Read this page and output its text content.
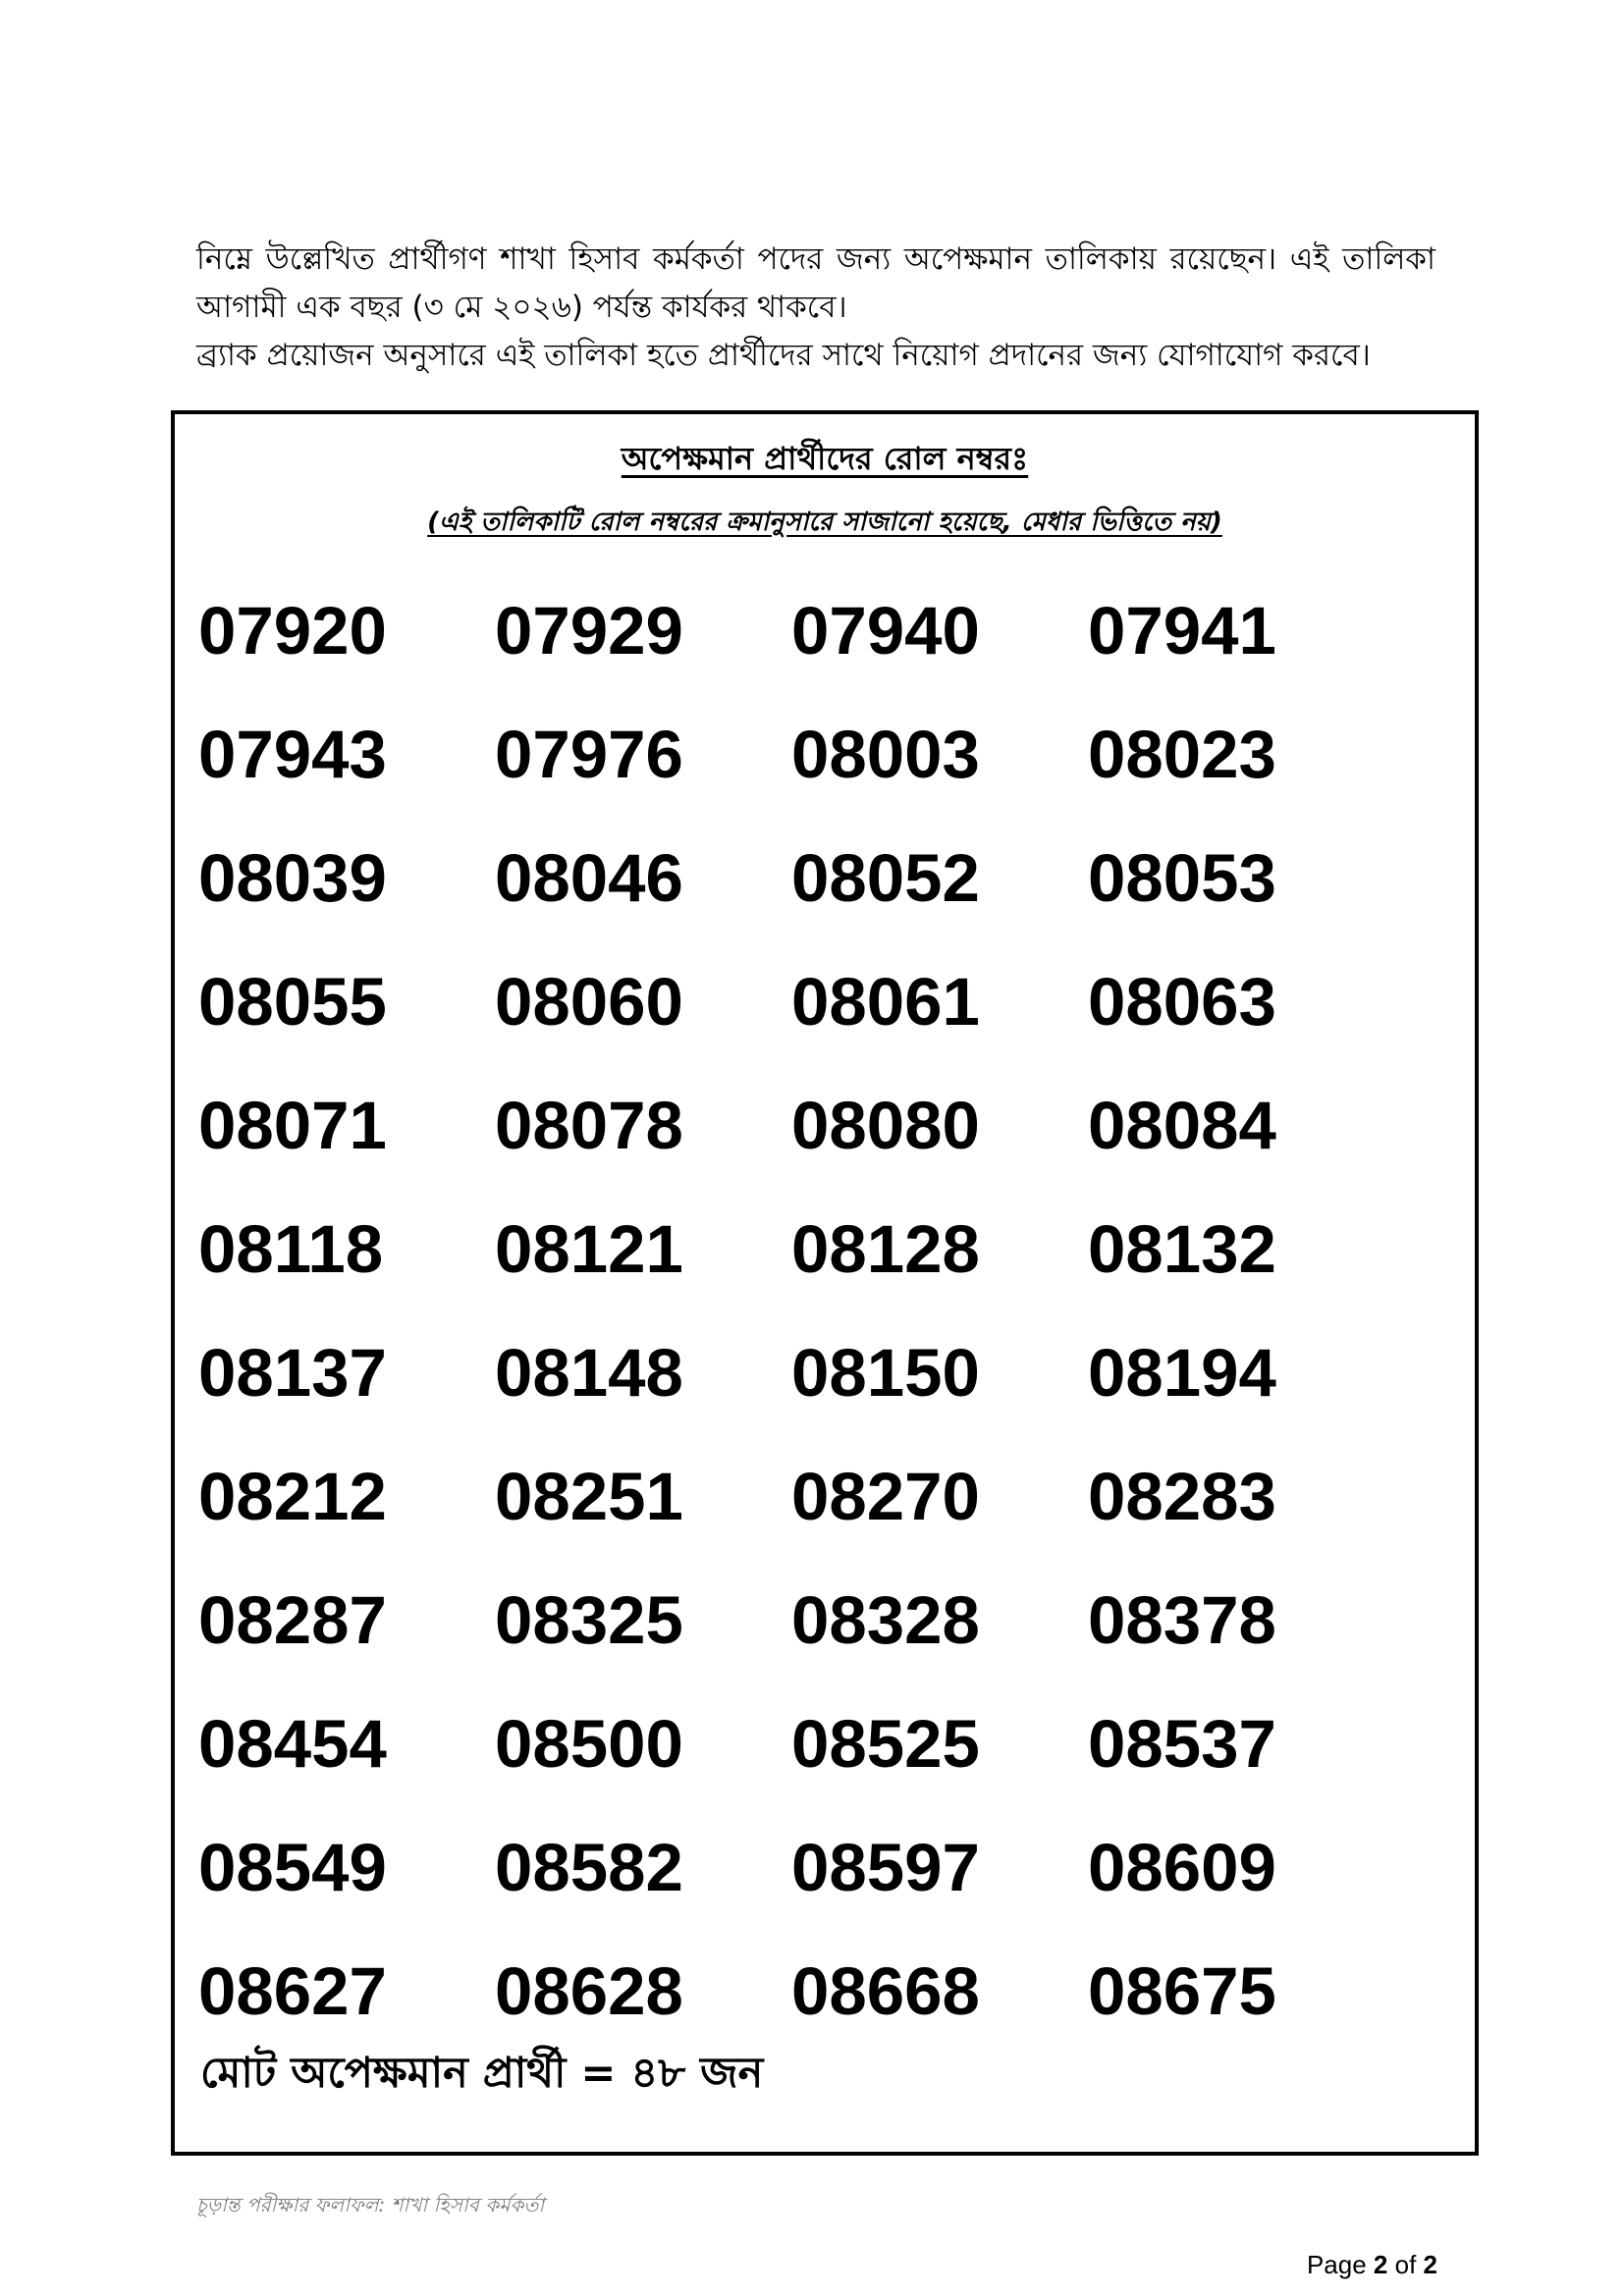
নিম্নে উল্লেখিত প্রার্থীগণ শাখা হিসাব কর্মকর্তা পদের জন্য অপেক্ষমান তালিকায় রয়েছেন। এই তালিকা আগামী এক বছর (৩ মে ২০২৬) পর্যন্ত কার্যকর থাকবে।

ব্র্যাক প্রয়োজন অনুসারে এই তালিকা হতে প্রার্থীদের সাথে নিয়োগ প্রদানের জন্য যোগাযোগ করবে।

অপেক্ষমান প্রার্থীদের রোল নম্বরঃ
(এই তালিকাটি রোল নম্বরের ক্রমানুসারে সাজানো হয়েছে, মেধার ভিত্তিতে নয়)
07920	07929	07940	07941
07943	07976	08003	08023
08039	08046	08052	08053
08055	08060	08061	08063
08071	08078	08080	08084
08118	08121	08128	08132
08137	08148	08150	08194
08212	08251	08270	08283
08287	08325	08328	08378
08454	08500	08525	08537
08549	08582	08597	08609
08627	08628	08668	08675
মোট অপেক্ষমান প্রার্থী = ৪৮ জন
চূড়ান্ত পরীক্ষার ফলাফল: শাখা হিসাব কর্মকর্তা
Page 2 of 2
